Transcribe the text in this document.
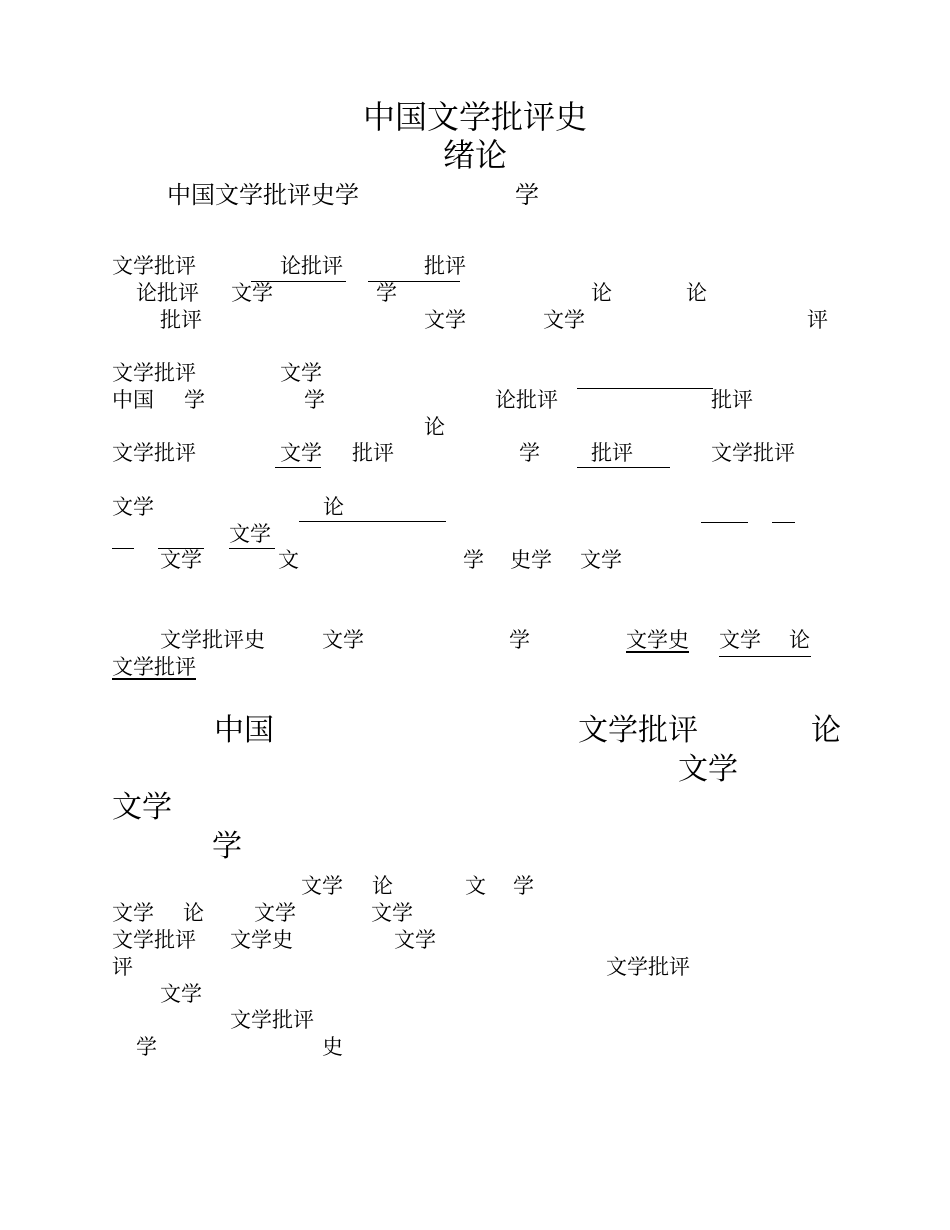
中国文学批评史
绪论
中国文学批评史学	学
文学批评	论批评	批评
论批评 文学	学	论	论
批评	文学	文学	评
文学批评	文学
中国 学	学	论批评	批评
论
文学批评	文学 批评	学 批评	文学批评
文学	论
文学
文学	文	学 史学 文学
文学批评史	文学	学	文学史 文学 论
文学批评
中国	文学批评	论
文学
文学
学
文学 论	文 学
文学 论 文学	文学
文学批评 文学史	文学
评	文学批评
文学
文学批评
学	史
